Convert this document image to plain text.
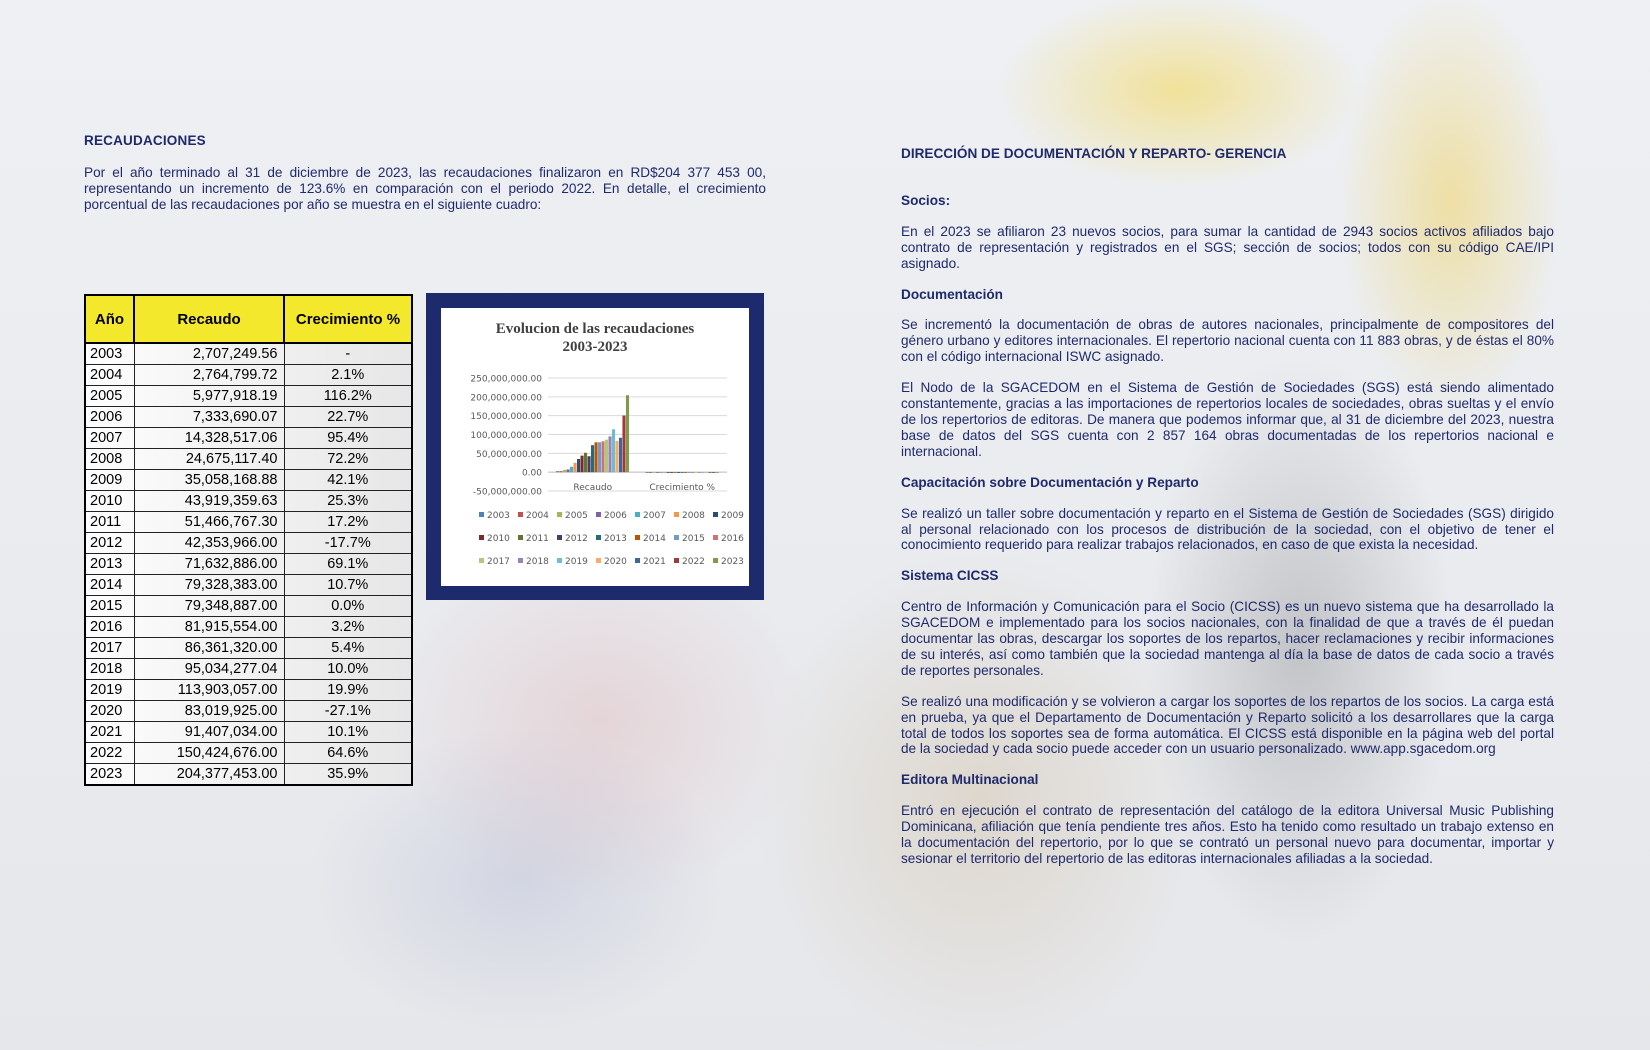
RECAUDACIONES
Por el año terminado al 31 de diciembre de 2023, las recaudaciones finalizaron en RD$204 377 453 00, representando un incremento de 123.6% en comparación con el periodo 2022. En detalle, el crecimiento porcentual de las recaudaciones por año se muestra en el siguiente cuadro:
Año	Recaudo	Crecimiento %
2003	2,707,249.56	-
2004	2,764,799.72	2.1%
2005	5,977,918.19	116.2%
2006	7,333,690.07	22.7%
2007	14,328,517.06	95.4%
2008	24,675,117.40	72.2%
2009	35,058,168.88	42.1%
2010	43,919,359.63	25.3%
2011	51,466,767.30	17.2%
2012	42,353,966.00	-17.7%
2013	71,632,886.00	69.1%
2014	79,328,383.00	10.7%
2015	79,348,887.00	0.0%
2016	81,915,554.00	3.2%
2017	86,361,320.00	5.4%
2018	95,034,277.04	10.0%
2019	113,903,057.00	19.9%
2020	83,019,925.00	-27.1%
2021	91,407,034.00	10.1%
2022	150,424,676.00	64.6%
2023	204,377,453.00	35.9%
Evolucion de las recaudaciones
2003-2023
250,000,000.00
200,000,000.00
150,000,000.00
100,000,000.00
50,000,000.00
0.00
-50,000,000.00	Recaudo	Crecimiento %
2003 2004 2005 2006 2007 2008 2009
2010 2011 2012 2013 2014 2015 2016
2017 2018 2019 2020 2021 2022 2023
DIRECCIÓN DE DOCUMENTACIÓN Y REPARTO- GERENCIA
Socios:
En el 2023 se afiliaron 23 nuevos socios, para sumar la cantidad de 2943 socios activos afiliados bajo contrato de representación y registrados en el SGS; sección de socios; todos con su código CAE/IPI asignado.
Documentación
Se incrementó la documentación de obras de autores nacionales, principalmente de compositores del género urbano y editores internacionales. El repertorio nacional cuenta con 11 883 obras, y de éstas el 80% con el código internacional ISWC asignado.
El Nodo de la SGACEDOM en el Sistema de Gestión de Sociedades (SGS) está siendo alimentado constantemente, gracias a las importaciones de repertorios locales de sociedades, obras sueltas y el envío de los repertorios de editoras. De manera que podemos informar que, al 31 de diciembre del 2023, nuestra base de datos del SGS cuenta con 2 857 164 obras documentadas de los repertorios nacional e internacional.
Capacitación sobre Documentación y Reparto
Se realizó un taller sobre documentación y reparto en el Sistema de Gestión de Sociedades (SGS) dirigido al personal relacionado con los procesos de distribución de la sociedad, con el objetivo de tener el conocimiento requerido para realizar trabajos relacionados, en caso de que exista la necesidad.
Sistema CICSS
Centro de Información y Comunicación para el Socio (CICSS) es un nuevo sistema que ha desarrollado la SGACEDOM e implementado para los socios nacionales, con la finalidad de que a través de él puedan documentar las obras, descargar los soportes de los repartos, hacer reclamaciones y recibir informaciones de su interés, así como también que la sociedad mantenga al día la base de datos de cada socio a través de reportes personales.
Se realizó una modificación y se volvieron a cargar los soportes de los repartos de los socios. La carga está en prueba, ya que el Departamento de Documentación y Reparto solicitó a los desarrollares que la carga total de todos los soportes sea de forma automática. El CICSS está disponible en la página web del portal de la sociedad y cada socio puede acceder con un usuario personalizado. www.app.sgacedom.org
Editora Multinacional
Entró en ejecución el contrato de representación del catálogo de la editora Universal Music Publishing Dominicana, afiliación que tenía pendiente tres años. Esto ha tenido como resultado un trabajo extenso en la documentación del repertorio, por lo que se contrató un personal nuevo para documentar, importar y sesionar el territorio del repertorio de las editoras internacionales afiliadas a la sociedad.
